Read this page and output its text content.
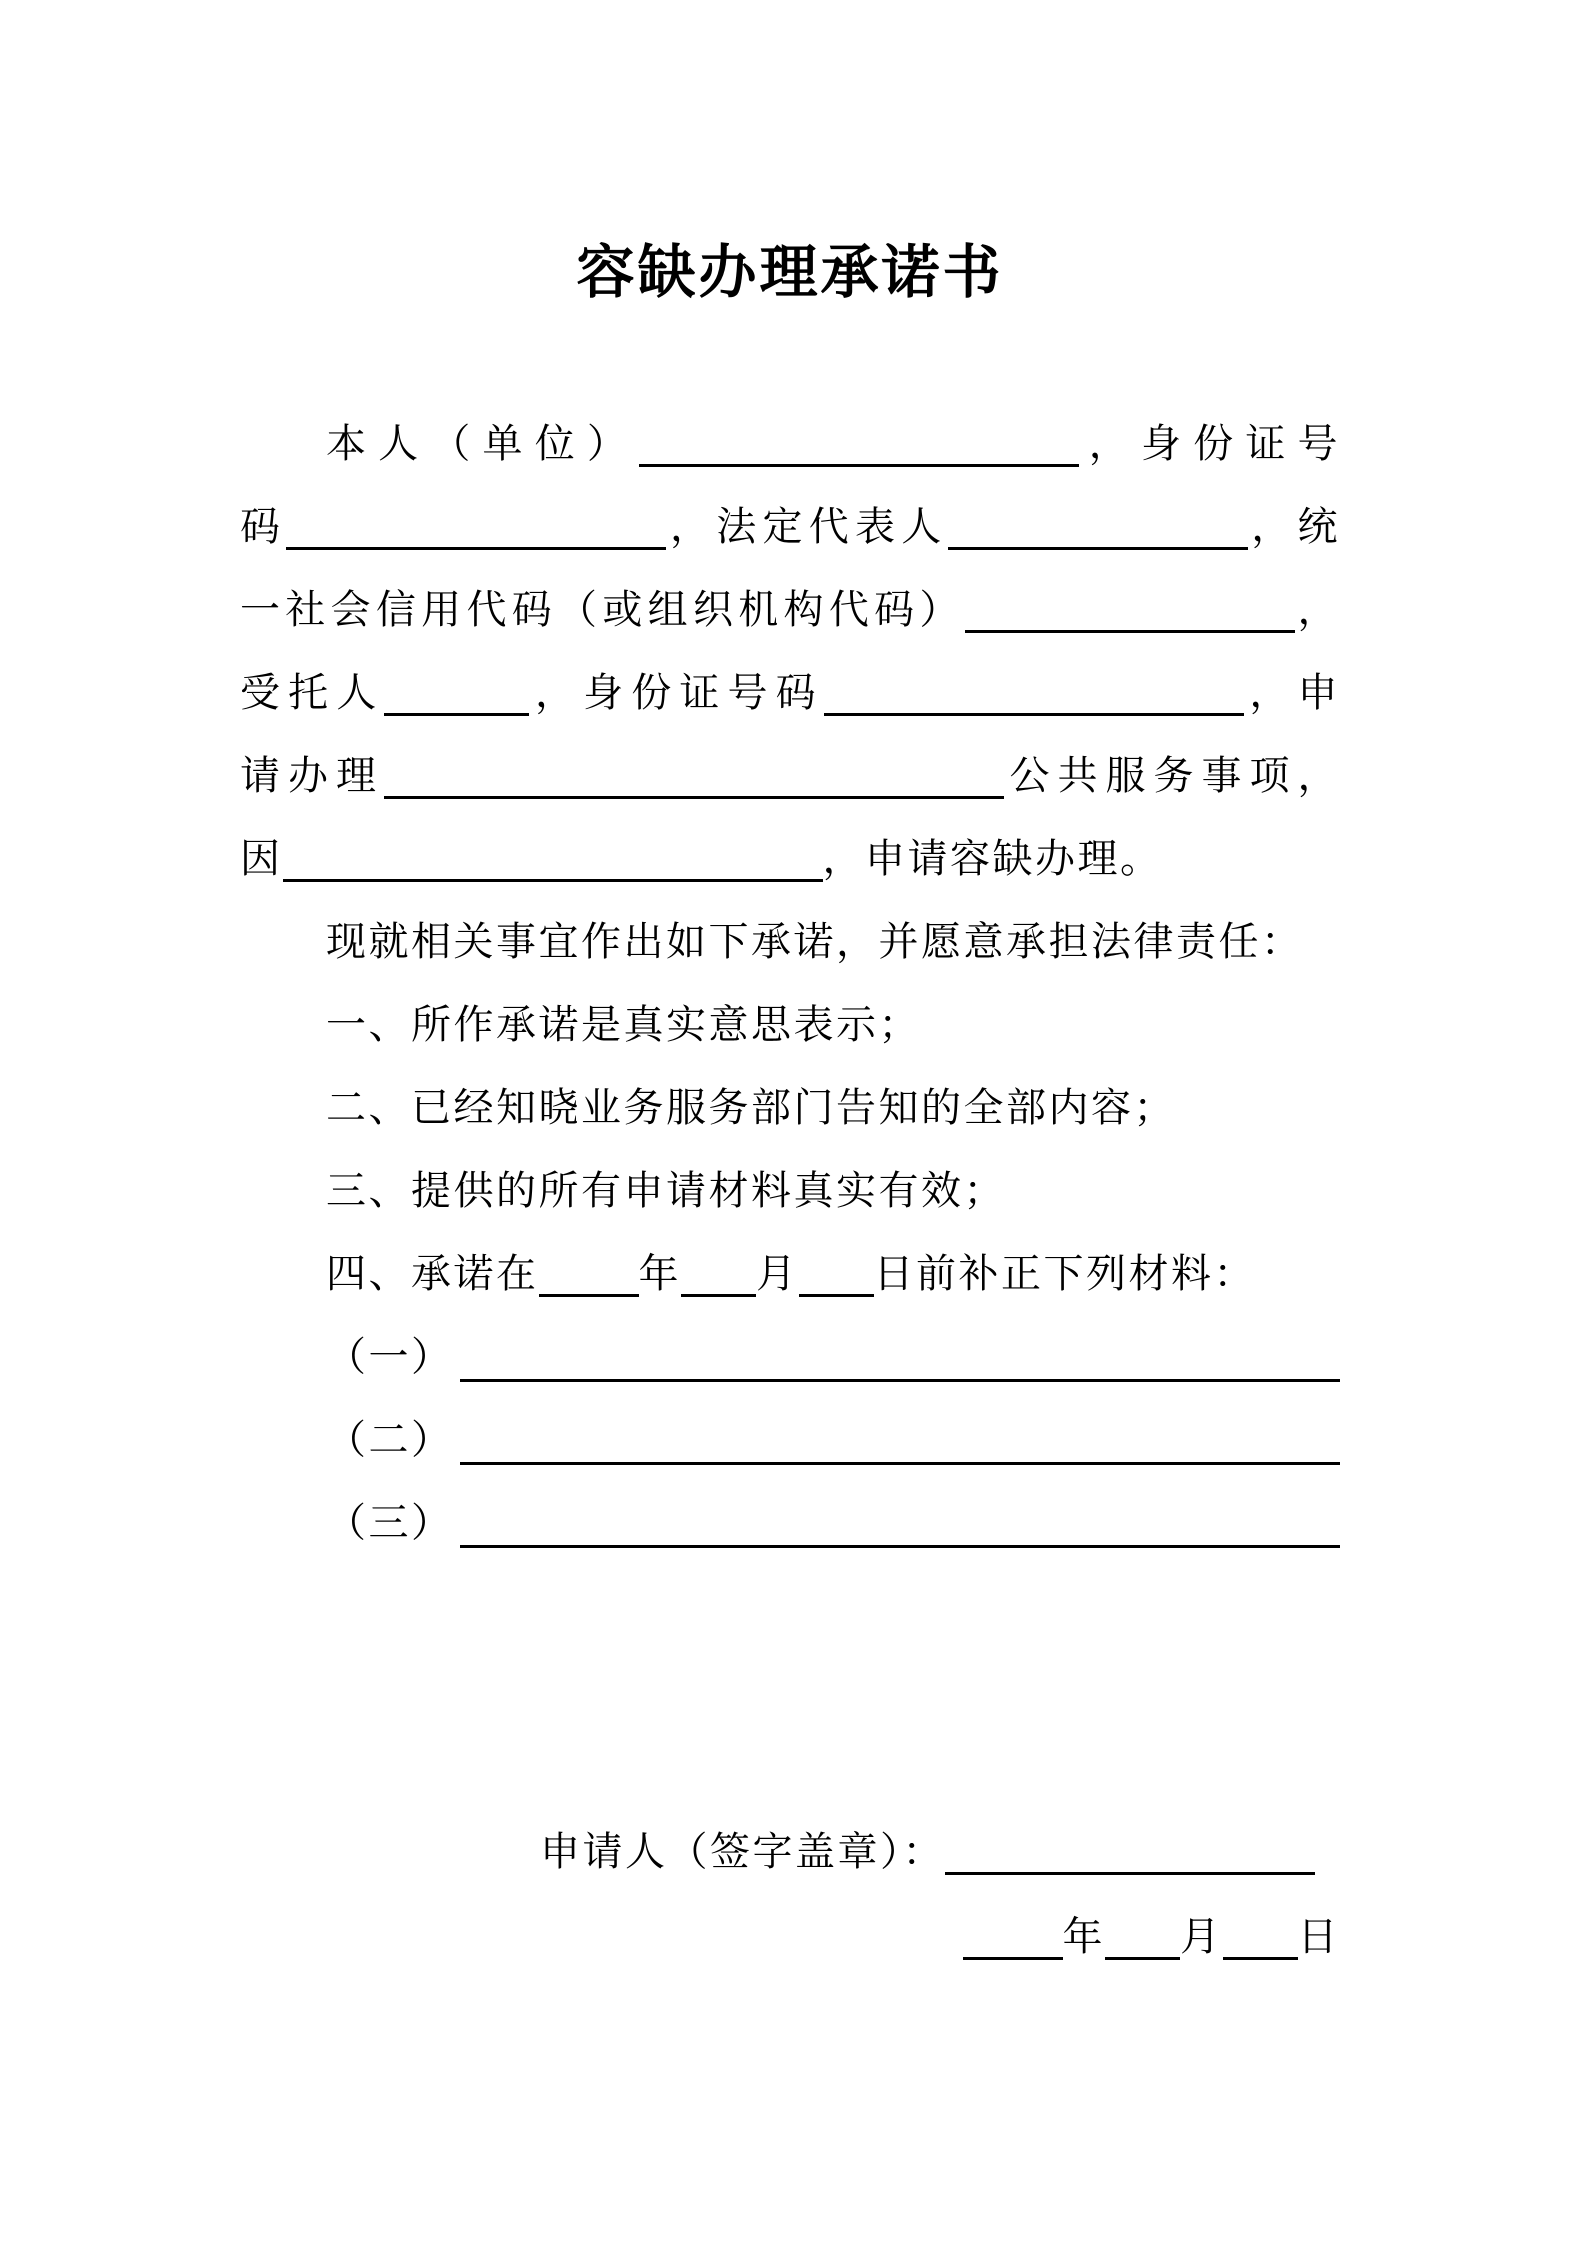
容缺办理承诺书
本人（单位）	，身份证号
码	，法定代表人	，统
一社会信用代码（或组织机构代码）	，
受托人	，身份证号码	，申
请办理	公共服务事项，
因	，申请容缺办理。
现就相关事宜作出如下承诺，并愿意承担法律责任：
一、所作承诺是真实意思表示；
二、已经知晓业务服务部门告知的全部内容；
三、提供的所有申请材料真实有效；
四、承诺在	年 月 日前补正下列材料：
（一）
（二）
（三）
申请人（签字盖章）：
年 月 日
